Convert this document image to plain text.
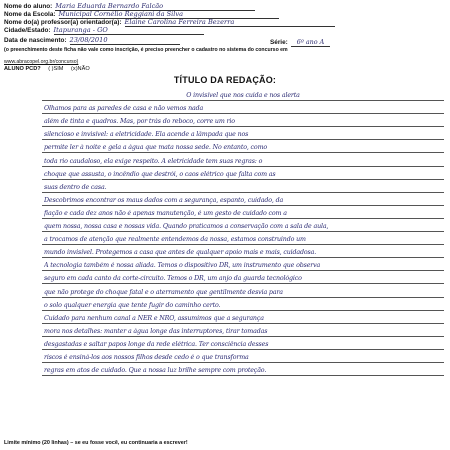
Nome do aluno: Maria Eduarda Bernardo Falcão
Nome da Escola: Municipal Cornélio Reggiani da Silva
Nome do(a) professor(a) orientador(a): Elaine Carolina Ferreira Bezerra
Cidade/Estado: Itapuranga - GO
Data de nascimento: 23/08/2010	Série: 6º ano A
(o preenchimento deste ficha não vale como inscrição, é preciso preencher o cadastro no sistema do concurso em
www.abracopel.org.br/concurso)
ALUNO PCD? ( )SIM (x)NÃO
TÍTULO DA REDAÇÃO:
O invisível que nos cuida e nos alerta
Olhamos para as paredes de casa e não vemos nada
além de tinta e quadros. Mas, por trás do reboco, corre um rio
silencioso e invisível: a eletricidade. Ela acende a lâmpada que nos
permite ler à noite e gela a água que mata nossa sede. No entanto, como
toda rio caudaloso, ela exige respeito. A eletricidade tem suas regras: o
choque que assusta, o incêndio que destrói, o caos elétrico que falta com as
suas dentro de casa.
Descobrimos encontrar os maus dados com a segurança, espanto, cuidado, da
fiação e cada dez anos não é apenas manutenção, é um gesto de cuidado com a
quem nossa, nossa casa e nossas vida. Quando praticamos a conservação com a sala de aula,
a trocamos de atenção que realmente entendemos da nossa, estamos construindo um
mundo invisível. Protegemos a casa que antes de qualquer apoio mais e mais, cuidadosa.
A tecnologia também é nossa aliada. Temos o dispositivo DR, um instrumento que observa
seguro em cada canto da corte-circuito. Temos o DR, um anjo da guarda tecnológico
que não protege do choque fatal e o aterramento que gentilmente desvia para
o solo qualquer energia que tente fugir do caminho certo.
Cuidado para nenhum canal a NER e NRO, assumimos que a segurança
mora nos detalhes: manter a água longe das interruptores, tirar tomadas
desgastadas e saltar papos longe da rede elétrica. Ter consciência desses
riscos é ensiná-los aos nossos filhos desde cedo é o que transforma
regras em atos de cuidado. Que a nossa luz brilhe sempre com proteção.
Limite mínimo (20 linhas) – se eu fosse você, eu continuaria a escrever!
